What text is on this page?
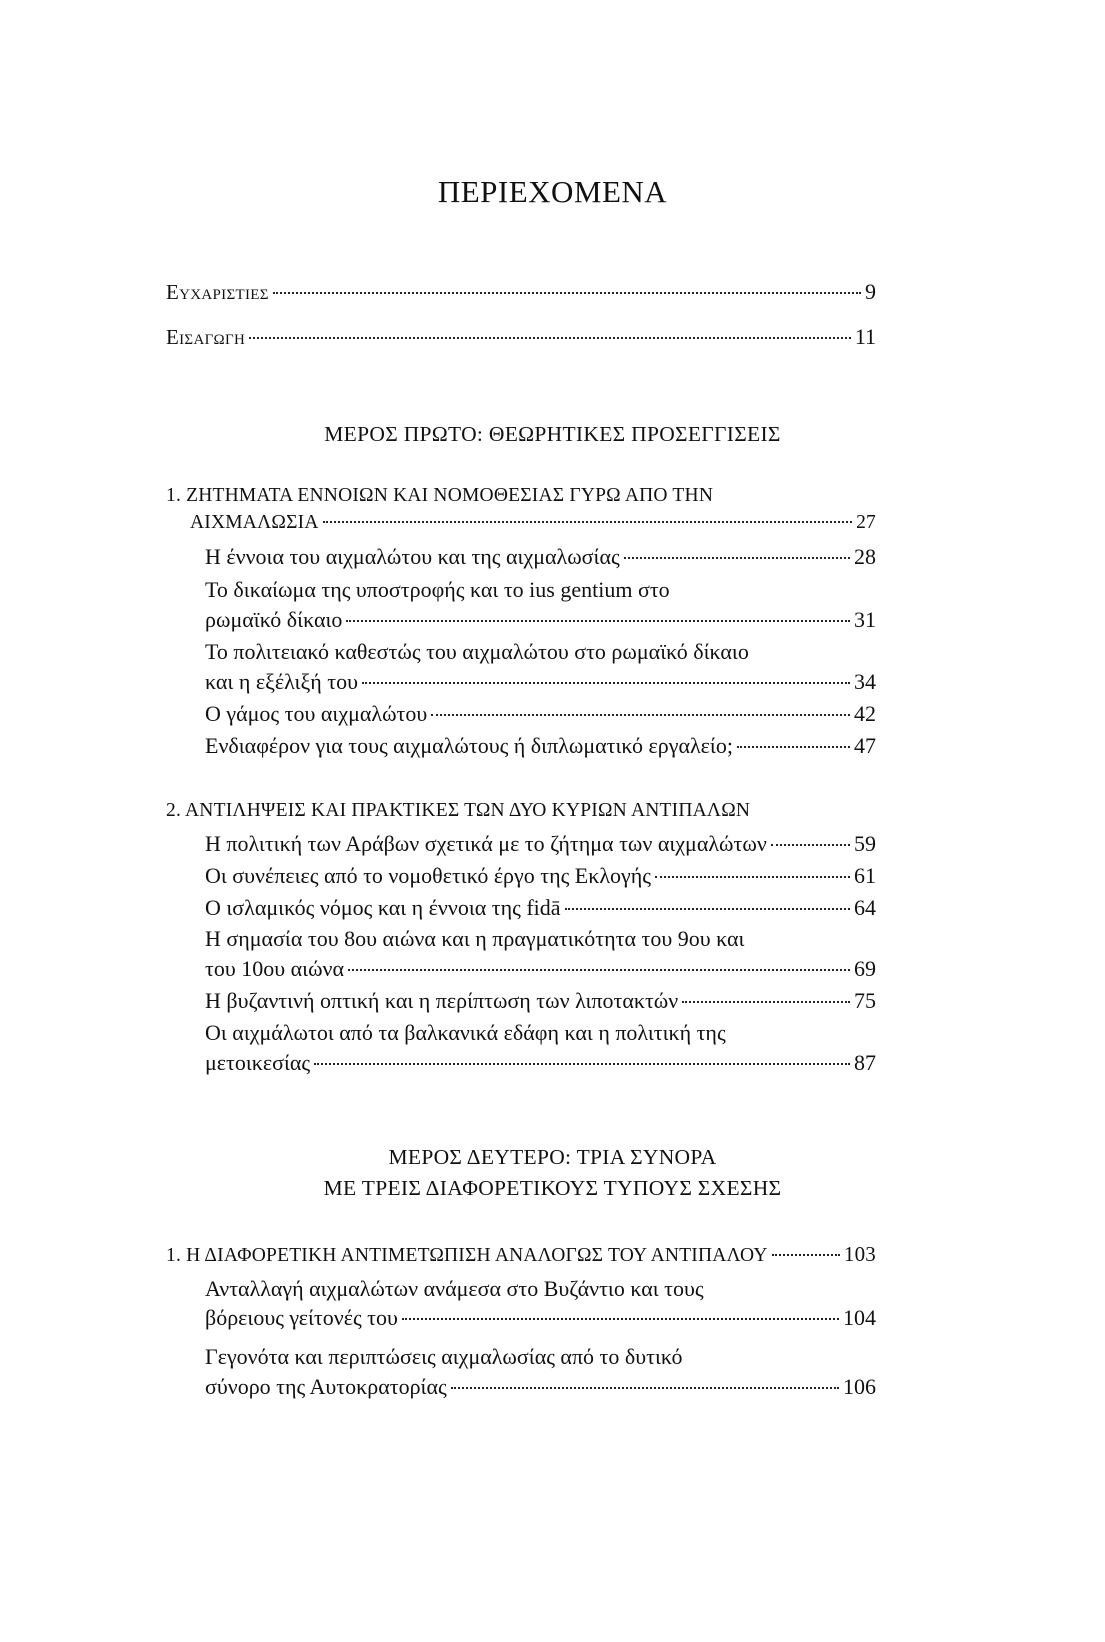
ΠΕΡΙΕΧΟΜΕΝΑ
Ευχαριστιες	9
Εισαγωγη	11
ΜΕΡΟΣ ΠΡΩΤΟ: ΘΕΩΡΗΤΙΚΕΣ ΠΡΟΣΕΓΓΙΣΕΙΣ
1. ΖΗΤΗΜΑΤΑ ΕΝΝΟΙΩΝ ΚΑΙ ΝΟΜΟΘΕΣΙΑΣ ΓΥΡΩ ΑΠΟ ΤΗΝ
ΑΙΧΜΑΛΩΣΙΑ	27
Η έννοια του αιχμαλώτου και της αιχμαλωσίας	28
Το δικαίωμα της υποστροφής και το ius gentium στο
ρωμαϊκό δίκαιο	31
Το πολιτειακό καθεστώς του αιχμαλώτου στο ρωμαϊκό δίκαιο
και η εξέλιξή του	34
Ο γάμος του αιχμαλώτου	42
Ενδιαφέρον για τους αιχμαλώτους ή διπλωματικό εργαλείο;	47
2. ΑΝΤΙΛΗΨΕΙΣ ΚΑΙ ΠΡΑΚΤΙΚΕΣ ΤΩΝ ΔΥΟ ΚΥΡΙΩΝ ΑΝΤΙΠΑΛΩΝ
Η πολιτική των Αράβων σχετικά με το ζήτημα των αιχμαλώτων	59
Οι συνέπειες από το νομοθετικό έργο της Εκλογής	61
Ο ισλαμικός νόμος και η έννοια της fidā	64
Η σημασία του 8ου αιώνα και η πραγματικότητα του 9ου και
του 10ου αιώνα	69
Η βυζαντινή οπτική και η περίπτωση των λιποτακτών	75
Οι αιχμάλωτοι από τα βαλκανικά εδάφη και η πολιτική της
μετοικεσίας	87
ΜΕΡΟΣ ΔΕΥΤΕΡΟ: ΤΡΙΑ ΣΥΝΟΡΑ
ΜΕ ΤΡΕΙΣ ΔΙΑΦΟΡΕΤΙΚΟΥΣ ΤΥΠΟΥΣ ΣΧΕΣΗΣ
1. Η ΔΙΑΦΟΡΕΤΙΚΗ ΑΝΤΙΜΕΤΩΠΙΣΗ ΑΝΑΛΟΓΩΣ ΤΟΥ ΑΝΤΙΠΑΛΟΥ	103
Ανταλλαγή αιχμαλώτων ανάμεσα στο Βυζάντιο και τους
βόρειους γείτονές του	104
Γεγονότα και περιπτώσεις αιχμαλωσίας από το δυτικό
σύνορο της Αυτοκρατορίας	106
